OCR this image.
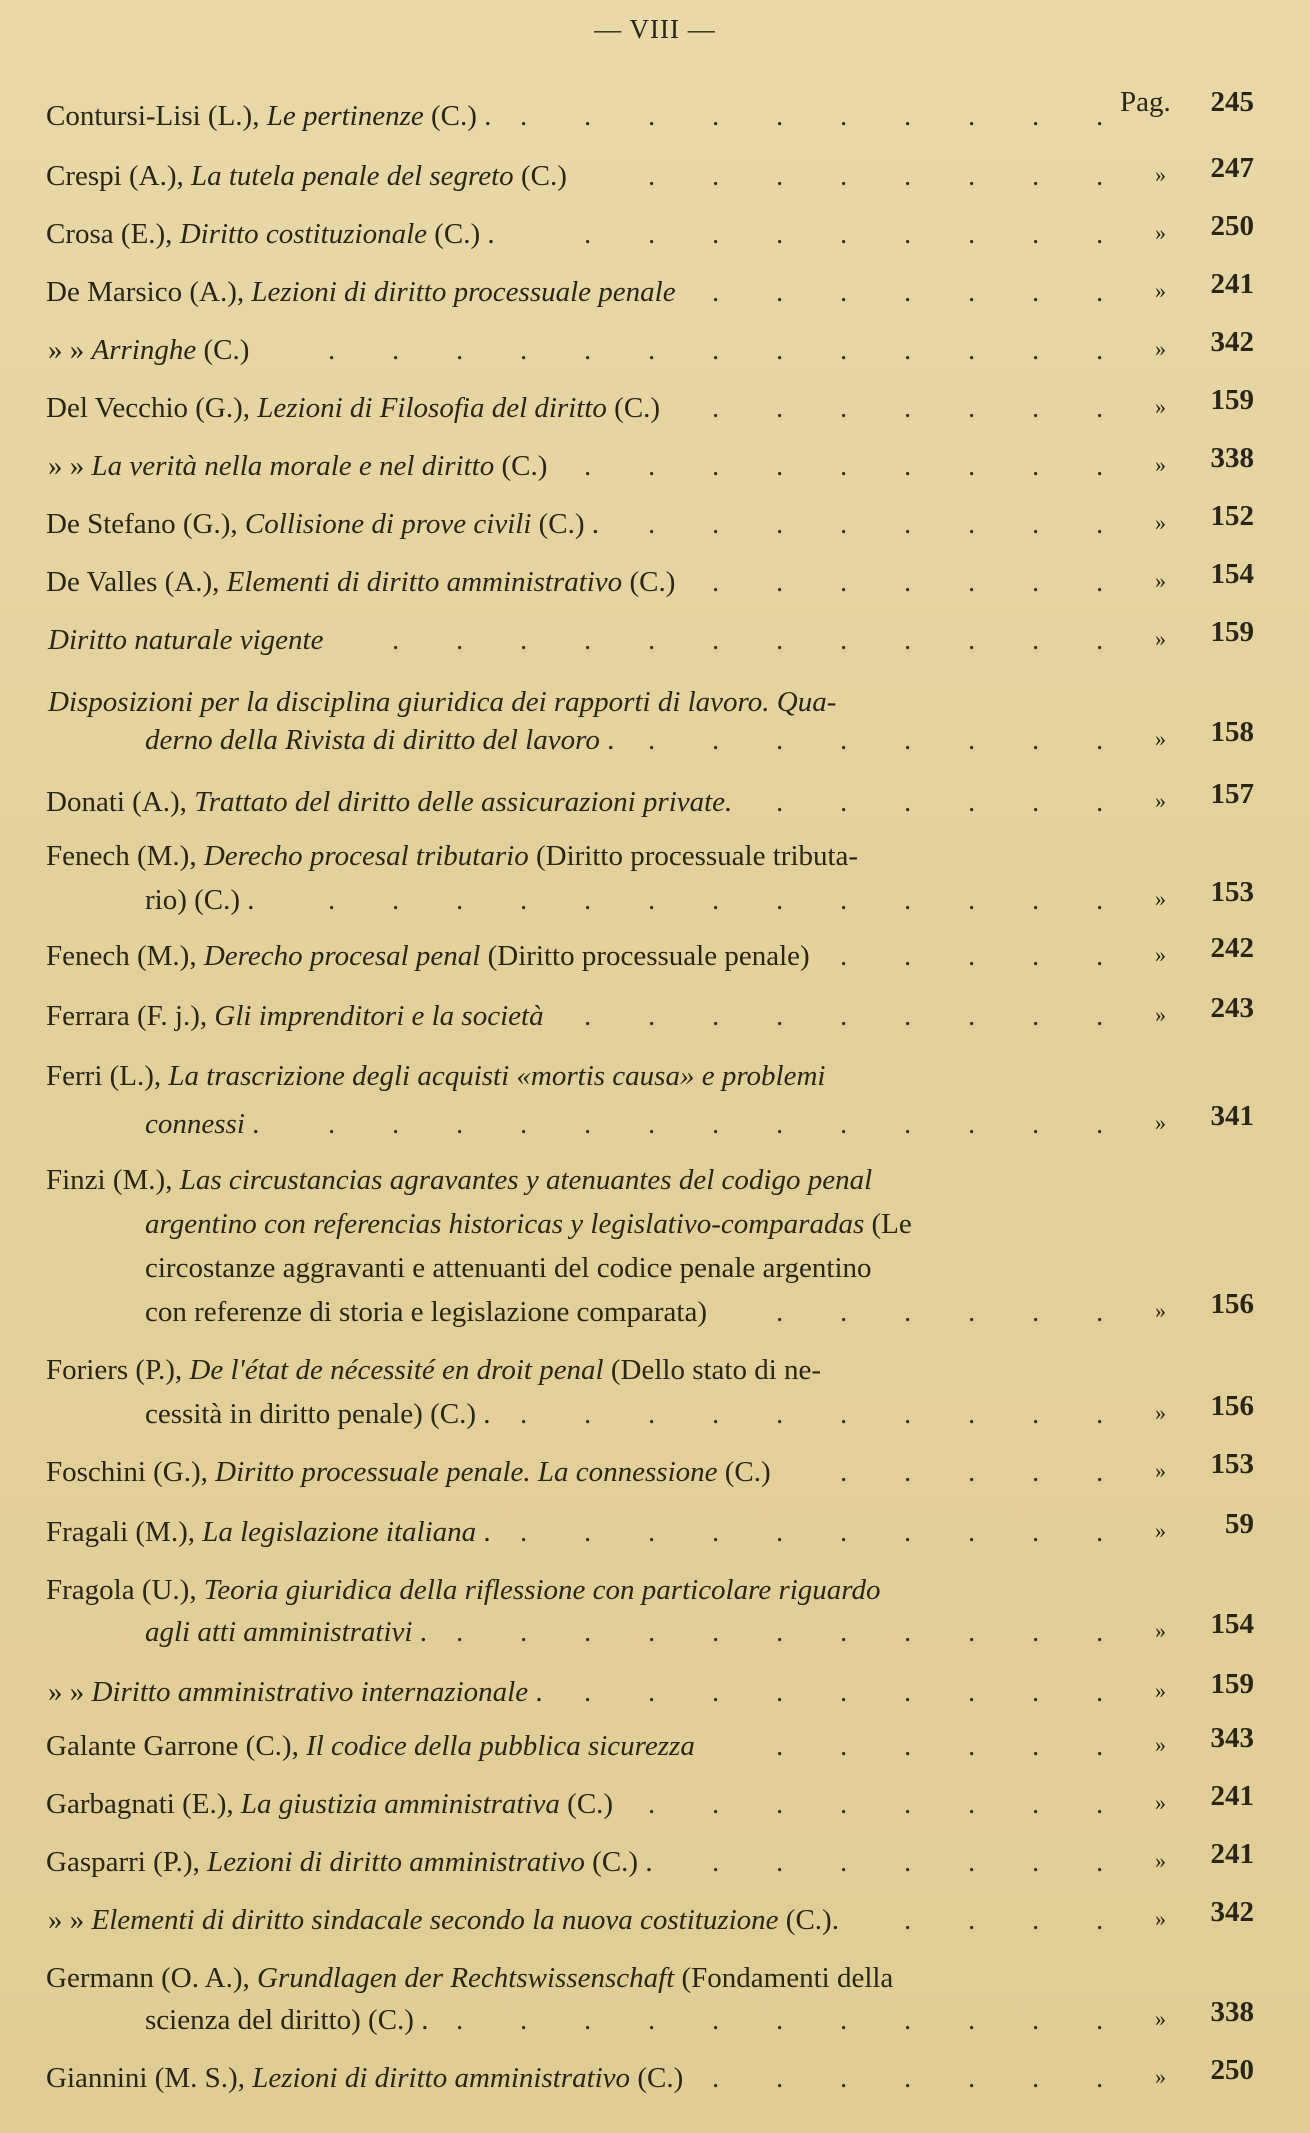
— VIII —
Contursi-Lisi (L.), Le pertinenze (C.) . . . . . . . . . . . Pag.	245
Crespi (A.), La tutela penale del segreto (C.)	. . . . . . . . »	247
Crosa (E.), Diritto costituzionale (C.) .	. . . . . . . . . »	250
De Marsico (A.), Lezioni di diritto processuale penale . . . . . . . »	241
» » Arringhe (C.)	. . . . . . . . . . . . . »	342
Del Vecchio (G.), Lezioni di Filosofia del diritto (C.) . . . . . . . »	159
» » La verità nella morale e nel diritto (C.) . . . . . . . . . »	338
De Stefano (G.), Collisione di prove civili (C.) . . . . . . . . . »	152
De Valles (A.), Elementi di diritto amministrativo (C.) . . . . . . . »	154
Diritto naturale vigente . . . . . . . . . . . . »	159
Disposizioni per la disciplina giuridica dei rapporti di lavoro. Qua-
derno della Rivista di diritto del lavoro . . . . . . . . . »	158
Donati (A.), Trattato del diritto delle assicurazioni private. . . . . . . »	157
Fenech (M.), Derecho procesal tributario (Diritto processuale tributa-
rio) (C.) .	. . . . . . . . . . . . . »	153
Fenech (M.), Derecho procesal penal (Diritto processuale penale) . . . . . »	242
Ferrara (F. j.), Gli imprenditori e la società . . . . . . . . . »	243
Ferri (L.), La trascrizione degli acquisti «mortis causa» e problemi
connessi . . . . . . . . . . . . . . »	341
Finzi (M.), Las circustancias agravantes y atenuantes del codigo penal
argentino con referencias historicas y legislativo-comparadas (Le
circostanze aggravanti e attenuanti del codice penale argentino
con referenze di storia e legislazione comparata) . . . . . . »	156
Foriers (P.), De l'état de nécessité en droit penal (Dello stato di ne-
cessità in diritto penale) (C.) . . . . . . . . . . . »	156
Foschini (G.), Diritto processuale penale. La connessione (C.) . . . . . »	153
Fragali (M.), La legislazione italiana . . . . . . . . . . . »	59
Fragola (U.), Teoria giuridica della riflessione con particolare riguardo
agli atti amministrativi . . . . . . . . . . . . »	154
» » Diritto amministrativo internazionale . . . . . . . . . . »	159
Galante Garrone (C.), Il codice della pubblica sicurezza	. . . . . . »	343
Garbagnati (E.), La giustizia amministrativa (C.) . . . . . . . . »	241
Gasparri (P.), Lezioni di diritto amministrativo (C.) . . . . . . . . »	241
» » Elementi di diritto sindacale secondo la nuova costituzione (C.). . . . . »	342
Germann (O. A.), Grundlagen der Rechtswissenschaft (Fondamenti della
scienza del diritto) (C.) . . . . . . . . . . . . »	338
Giannini (M. S.), Lezioni di diritto amministrativo (C.) . . . . . . . »	250
